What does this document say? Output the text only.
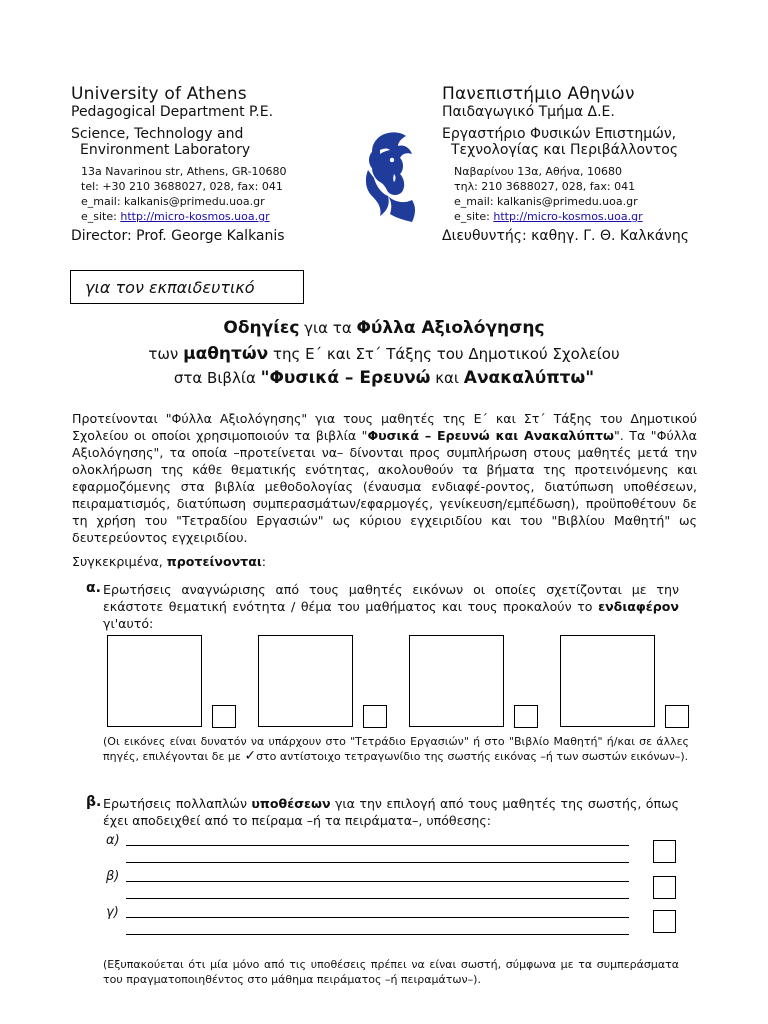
University of Athens
Pedagogical Department P.E.
Science, Technology and
Environment Laboratory
13a Navarinou str, Athens, GR-10680
tel: +30 210 3688027, 028, fax: 041
e_mail: kalkanis@primedu.uoa.gr
e_site: http://micro-kosmos.uoa.gr
Director: Prof. George Kalkanis
Πανεπιστήμιο Αθηνών
Παιδαγωγικό Τμήμα Δ.Ε.
Εργαστήριο Φυσικών Επιστημών,
Τεχνολογίας και Περιβάλλοντος
Ναβαρίνου 13α, Αθήνα, 10680
τηλ: 210 3688027, 028, fax: 041
e_mail: kalkanis@primedu.uoa.gr
e_site: http://micro-kosmos.uoa.gr
Διευθυντής: καθηγ. Γ. Θ. Καλκάνης
για τον εκπαιδευτικό
Οδηγίες για τα Φύλλα Αξιολόγησης
των μαθητών της Ε΄ και Στ΄ Τάξης του Δημοτικού Σχολείου
στα Βιβλία "Φυσικά – Ερευνώ και Ανακαλύπτω"
Προτείνονται "Φύλλα Αξιολόγησης" για τους μαθητές της Ε΄ και Στ΄ Τάξης του Δημοτικού Σχολείου οι οποίοι χρησιμοποιούν τα βιβλία "Φυσικά – Ερευνώ και Ανακαλύπτω". Τα "Φύλλα Αξιολόγησης", τα οποία –προτείνεται να– δίνονται προς συμπλήρωση στους μαθητές μετά την ολοκλήρωση της κάθε θεματικής ενότητας, ακολουθούν τα βήματα της προτεινόμενης και εφαρμοζόμενης στα βιβλία μεθοδολογίας (έναυσμα ενδιαφέ-ροντος, διατύπωση υποθέσεων, πειραματισμός, διατύπωση συμπερασμάτων/εφαρμογές, γενίκευση/εμπέδωση), προϋποθέτουν δε τη χρήση του "Τετραδίου Εργασιών" ως κύριου εγχειριδίου και του "Βιβλίου Μαθητή" ως δευτερεύοντος εγχειριδίου.
Συγκεκριμένα, προτείνονται:
α. Ερωτήσεις αναγνώρισης από τους μαθητές εικόνων οι οποίες σχετίζονται με την εκάστοτε θεματική ενότητα / θέμα του μαθήματος και τους προκαλούν το ενδιαφέρον γι'αυτό:
(Οι εικόνες είναι δυνατόν να υπάρχουν στο "Τετράδιο Εργασιών" ή στο "Βιβλίο Μαθητή" ή/και σε άλλες πηγές, επιλέγονται δε με ✓στο αντίστοιχο τετραγωνίδιο της σωστής εικόνας –ή των σωστών εικόνων–).
β. Ερωτήσεις πολλαπλών υποθέσεων για την επιλογή από τους μαθητές της σωστής, όπως έχει αποδειχθεί από το πείραμα –ή τα πειράματα–, υπόθεσης:
α)
β)
γ)
(Εξυπακούεται ότι μία μόνο από τις υποθέσεις πρέπει να είναι σωστή, σύμφωνα με τα συμπεράσματα του πραγματοποιηθέντος στο μάθημα πειράματος –ή πειραμάτων–).
